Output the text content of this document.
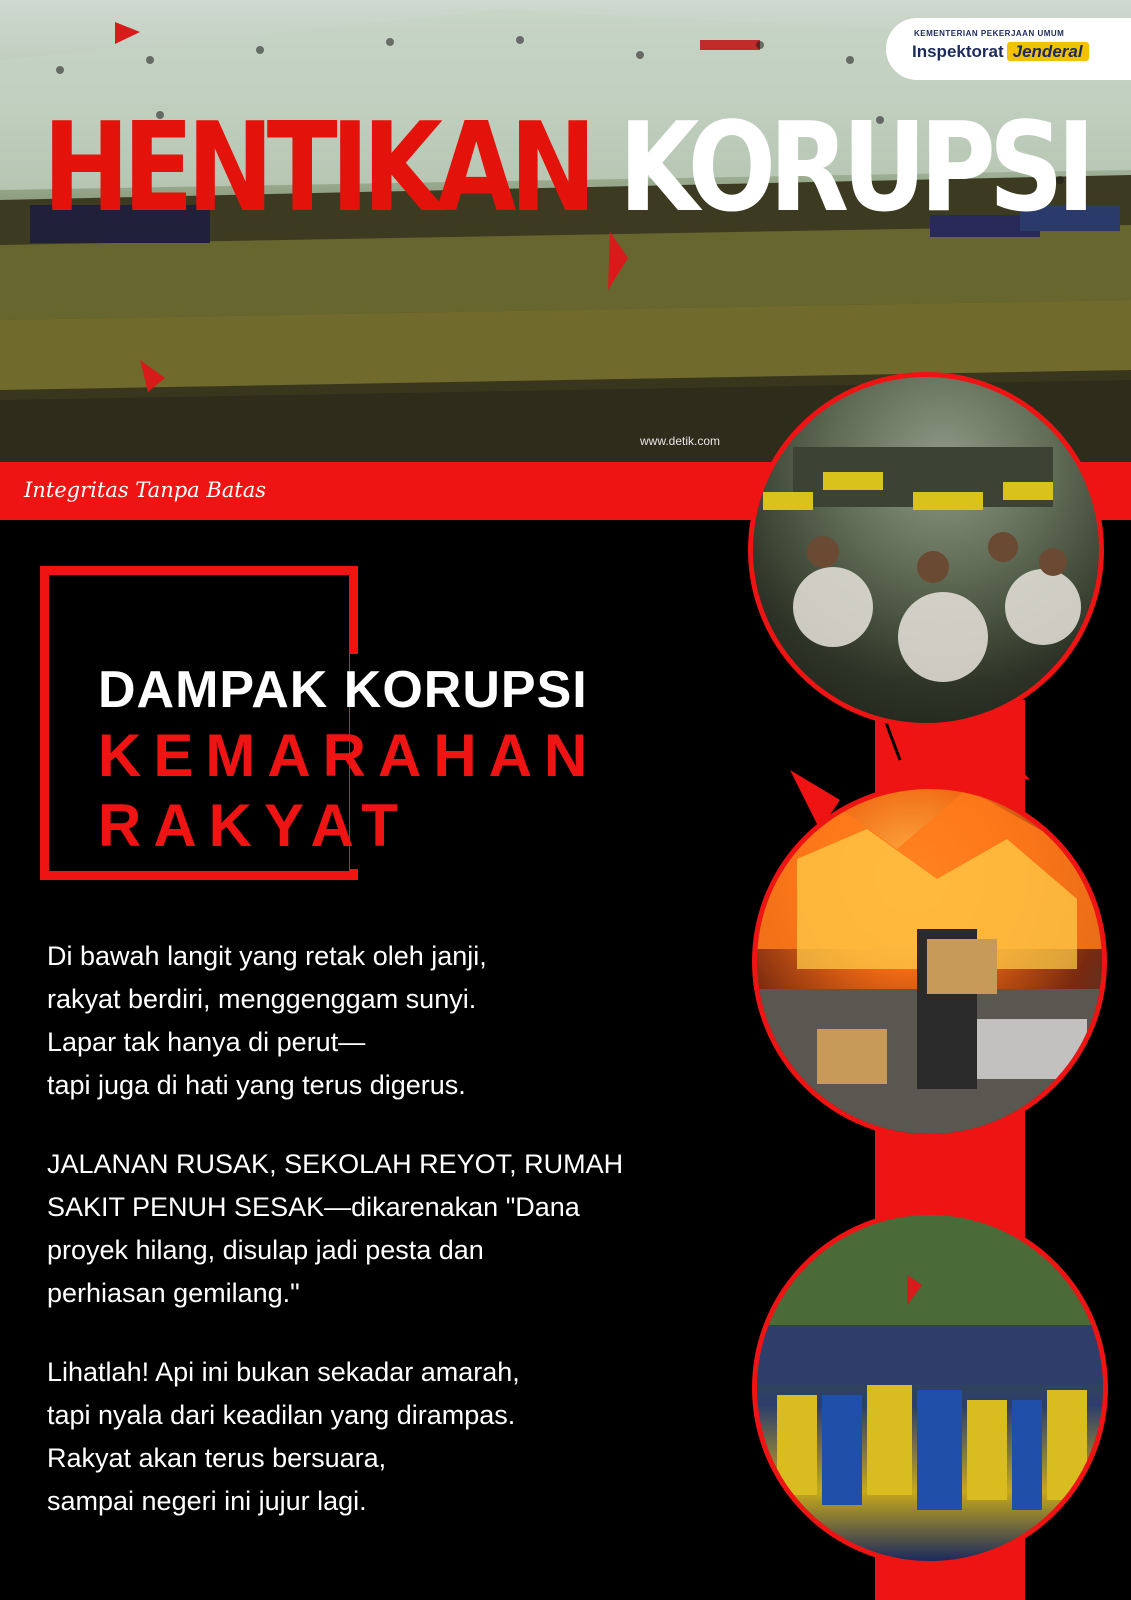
KEMENTERIAN PEKERJAAN UMUM
Inspektorat Jenderal
HENTIKAN KORUPSI
www.detik.com
Integritas Tanpa Batas
DAMPAK KORUPSI
KEMARAHAN
RAKYAT

Di bawah langit yang retak oleh janji,
rakyat berdiri, menggenggam sunyi.
Lapar tak hanya di perut—
tapi juga di hati yang terus digerus.

JALANAN RUSAK, SEKOLAH REYOT, RUMAH
SAKIT PENUH SESAK—dikarenakan "Dana
proyek hilang, disulap jadi pesta dan
perhiasan gemilang."

Lihatlah! Api ini bukan sekadar amarah,
tapi nyala dari keadilan yang dirampas.
Rakyat akan terus bersuara,
sampai negeri ini jujur lagi.
